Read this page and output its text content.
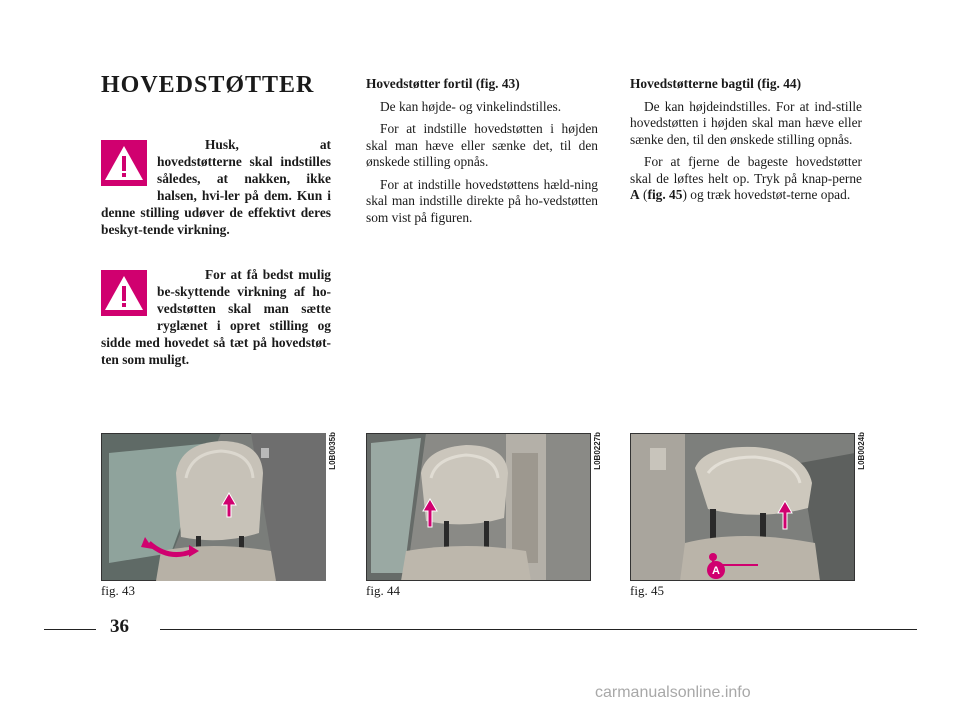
HOVEDSTØTTER

Husk, at hovedstøtterne skal indstilles således, at nakken, ikke halsen, hvi-ler på dem. Kun i denne stilling udøver de effektivt deres beskyt-tende virkning.

For at få bedst mulig be-skyttende virkning af ho-vedstøtten skal man sætte ryglænet i opret stilling og sidde med hovedet så tæt på hovedstøt-ten som muligt.

Hovedstøtter fortil (fig. 43)

De kan højde- og vinkelindstilles.

For at indstille hovedstøtten i højden skal man hæve eller sænke det, til den ønskede stilling opnås.

For at indstille hovedstøttens hæld-ning skal man indstille direkte på ho-vedstøtten som vist på figuren.

Hovedstøtterne bagtil (fig. 44)

De kan højdeindstilles. For at ind-stille hovedstøtten i højden skal man hæve eller sænke den, til den ønskede stilling opnås.

For at fjerne de bageste hovedstøtter skal de løftes helt op. Tryk på knap-perne A (fig. 45) og træk hovedstøt-terne opad.

L0B0035b
fig. 43
L0B0227b
fig. 44
A
L0B0024b
fig. 45
36
carmanualsonline.info
